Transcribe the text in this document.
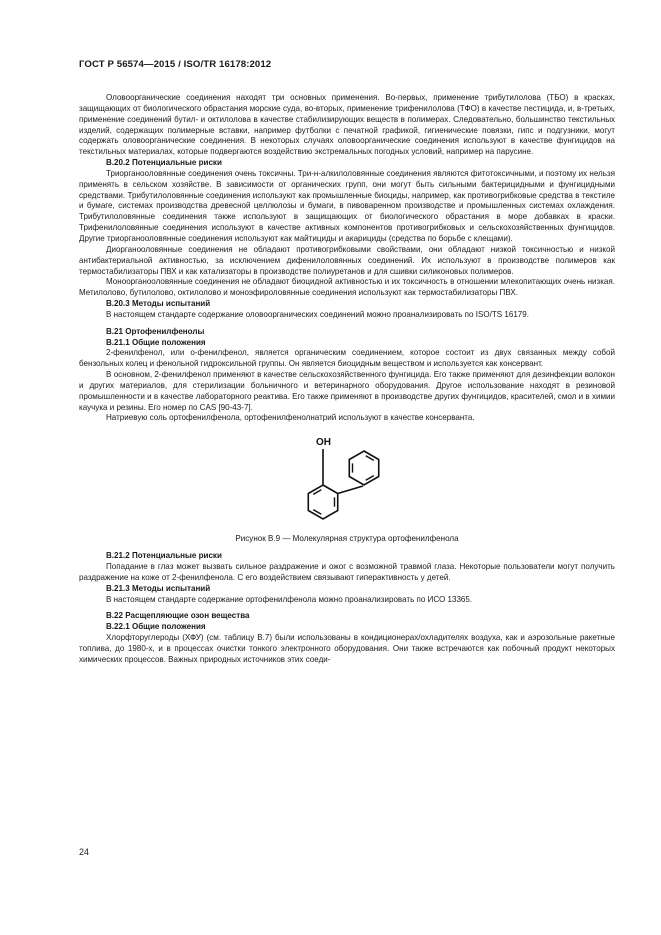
ГОСТ Р 56574—2015 / ISO/TR 16178:2012

Оловоорганические соединения находят три основных применения. Во-первых, применение трибутилолова (ТБО) в красках, защищающих от биологического обрастания морские суда, во-вторых, применение трифенилолова (ТФО) в качестве пестицида, и, в-третьих, применение соединений бутил- и октилолова в качестве стабилизирующих веществ в полимерах. Следовательно, большинство текстильных изделий, содержащих полимерные вставки, например футболки с печатной графикой, гигиенические повязки, гипс и подгузники, могут содержать оловоорганические соединения. В некоторых случаях оловоорганические соединения используют в качестве фунгицидов на текстильных материалах, которые подвергаются воздействию экстремальных погодных условий, например на парусине.

В.20.2 Потенциальные риски

Триорганооловянные соединения очень токсичны. Три-н-алкилоловянные соединения являются фитотоксичными, и поэтому их нельзя применять в сельском хозяйстве. В зависимости от органических групп, они могут быть сильными бактерицидными и фунгицидными средствами. Трибутилоловянные соединения используют как промышленные биоциды, например, как противогрибковые средства в текстиле и бумаге, системах производства древесной целлюлозы и бумаги, в пивоваренном производстве и промышленных системах охлаждения. Трибутилоловянные соединения также используют в защищающих от биологического обрастания в море добавках в краски. Трифенилоловянные соединения используют в качестве активных компонентов противогрибковых и сельскохозяйственных фунгицидов. Другие триорганооловянные соединения используют как майтициды и акарициды (средства по борьбе с клещами).

Диорганооловянные соединения не обладают противогрибковыми свойствами, они обладают низкой токсичностью и низкой антибактериальной активностью, за исключением дифенилоловянных соединений. Их используют в производстве полимеров как термостабилизаторы ПВХ и как катализаторы в производстве полиуретанов и для сшивки силиконовых полимеров.

Моноорганооловянные соединения не обладают биоцидной активностью и их токсичность в отношении млекопитающих очень низкая. Метилолово, бутилолово, октилолово и моноэфироловянные соединения используют как термостабилизаторы ПВХ.

В.20.3 Методы испытаний

В настоящем стандарте содержание оловоорганических соединений можно проанализировать по ISO/TS 16179.

В.21 Ортофенилфенолы
В.21.1 Общие положения

2-фенилфенол, или о-фенилфенол, является органическим соединением, которое состоит из двух связанных между собой бензольных колец и фенольной гидроксильной группы. Он является биоцидным веществом и используется как консервант.

В основном, 2-фенилфенол применяют в качестве сельскохозяйственного фунгицида. Его также применяют для дезинфекции волокон и других материалов, для стерилизации больничного и ветеринарного оборудования. Другое использование находят в резиновой промышленности и в качестве лабораторного реактива. Его также применяют в производстве других фунгицидов, красителей, смол и в химии каучука и резины. Его номер по CAS [90-43-7].

Натриевую соль ортофенилфенола, ортофенилфенолнатрий используют в качестве консерванта.

OH

Рисунок В.9 — Молекулярная структура ортофенилфенола

В.21.2 Потенциальные риски

Попадание в глаз может вызвать сильное раздражение и ожог с возможной травмой глаза. Некоторые пользователи могут получить раздражение на коже от 2-фенилфенола. С его воздействием связывают гиперактивность у детей.

В.21.3 Методы испытаний

В настоящем стандарте содержание ортофенилфенола можно проанализировать по ИСО 13365.

В.22 Расщепляющие озон вещества
В.22.1 Общие положения

Хлорфторуглероды (ХФУ) (см. таблицу В.7) были использованы в кондиционерах/охладителях воздуха, как и аэрозольные ракетные топлива, до 1980-х, и в процессах очистки тонкого электронного оборудования. Они также встречаются как побочный продукт некоторых химических процессов. Важных природных источников этих соеди-

24
